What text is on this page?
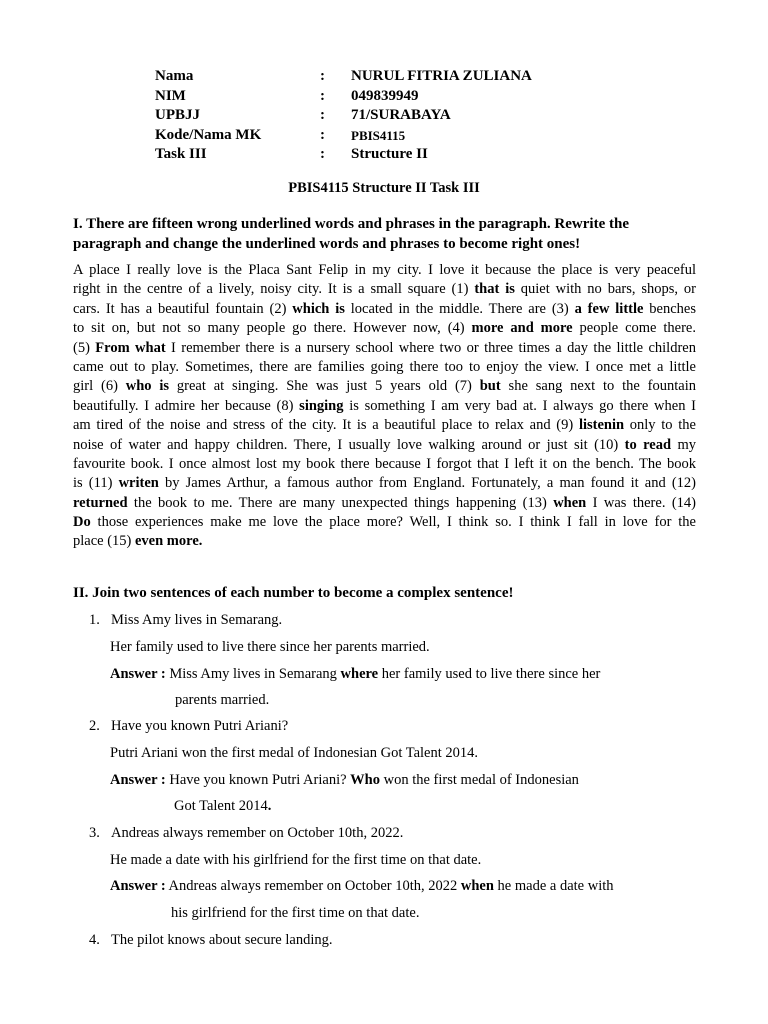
Nama	:	NURUL FITRIA ZULIANA
NIM	:	049839949
UPBJJ	:	71/SURABAYA
Kode/Nama MK	:	PBIS4115
Task III	:	Structure II
PBIS4115 Structure II Task III
I. There are fifteen wrong underlined words and phrases in the paragraph. Rewrite the
paragraph and change the underlined words and phrases to become right ones!
A place I really love is the Placa Sant Felip in my city. I love it because the place is very peaceful
right in the centre of a lively, noisy city. It is a small square (1) that is quiet with no bars, shops, or
cars. It has a beautiful fountain (2) which is located in the middle. There are (3) a few little benches
to sit on, but not so many people go there. However now, (4) more and more people come there.
(5) From what I remember there is a nursery school where two or three times a day the little children
came out to play. Sometimes, there are families going there too to enjoy the view. I once met a little
girl (6) who is great at singing. She was just 5 years old (7) but she sang next to the fountain
beautifully. I admire her because (8) singing is something I am very bad at. I always go there when I
am tired of the noise and stress of the city. It is a beautiful place to relax and (9) listenin only to the
noise of water and happy children. There, I usually love walking around or just sit (10) to read my
favourite book. I once almost lost my book there because I forgot that I left it on the bench. The book
is (11) writen by James Arthur, a famous author from England. Fortunately, a man found it and (12)
returned the book to me. There are many unexpected things happening (13) when I was there. (14)
Do those experiences make me love the place more? Well, I think so. I think I fall in love for the
place (15) even more.
II. Join two sentences of each number to become a complex sentence!
1. Miss Amy lives in Semarang.
Her family used to live there since her parents married.
Answer : Miss Amy lives in Semarang where her family used to live there since her
parents married.
2. Have you known Putri Ariani?
Putri Ariani won the first medal of Indonesian Got Talent 2014.
Answer : Have you known Putri Ariani? Who won the first medal of Indonesian
Got Talent 2014.
3. Andreas always remember on October 10th, 2022.
He made a date with his girlfriend for the first time on that date.
Answer : Andreas always remember on October 10th, 2022 when he made a date with
his girlfriend for the first time on that date.
4. The pilot knows about secure landing.
